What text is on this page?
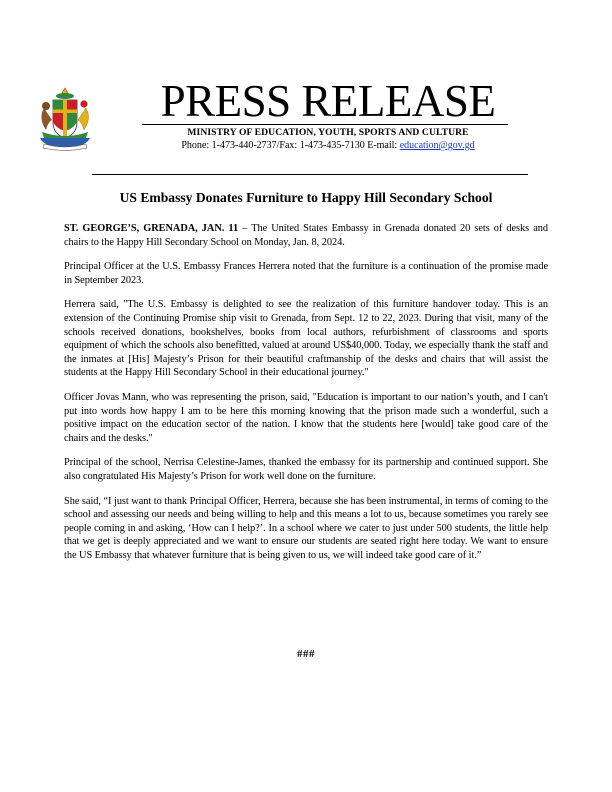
PRESS RELEASE
MINISTRY OF EDUCATION, YOUTH, SPORTS AND CULTURE
Phone: 1-473-440-2737/Fax: 1-473-435-7130 E-mail: education@gov.gd
US Embassy Donates Furniture to Happy Hill Secondary School

ST. GEORGE’S, GRENADA, JAN. 11 – The United States Embassy in Grenada donated 20 sets of desks and chairs to the Happy Hill Secondary School on Monday, Jan. 8, 2024.

Principal Officer at the U.S. Embassy Frances Herrera noted that the furniture is a continuation of the promise made in September 2023.

Herrera said, "The U.S. Embassy is delighted to see the realization of this furniture handover today. This is an extension of the Continuing Promise ship visit to Grenada, from Sept. 12 to 22, 2023. During that visit, many of the schools received donations, bookshelves, books from local authors, refurbishment of classrooms and sports equipment of which the schools also benefitted, valued at around US$40,000. Today, we especially thank the staff and the inmates at [His] Majesty’s Prison for their beautiful craftmanship of the desks and chairs that will assist the students at the Happy Hill Secondary School in their educational journey."

Officer Jovas Mann, who was representing the prison, said, "Education is important to our nation’s youth, and I can't put into words how happy I am to be here this morning knowing that the prison made such a wonderful, such a positive impact on the education sector of the nation. I know that the students here [would] take good care of the chairs and the desks."

Principal of the school, Nerrisa Celestine-James, thanked the embassy for its partnership and continued support. She also congratulated His Majesty’s Prison for work well done on the furniture.

She said, “I just want to thank Principal Officer, Herrera, because she has been instrumental, in terms of coming to the school and assessing our needs and being willing to help and this means a lot to us, because sometimes you rarely see people coming in and asking, ‘How can I help?’. In a school where we cater to just under 500 students, the little help that we get is deeply appreciated and we want to ensure our students are seated right here today. We want to ensure the US Embassy that whatever furniture that is being given to us, we will indeed take good care of it.”

###
